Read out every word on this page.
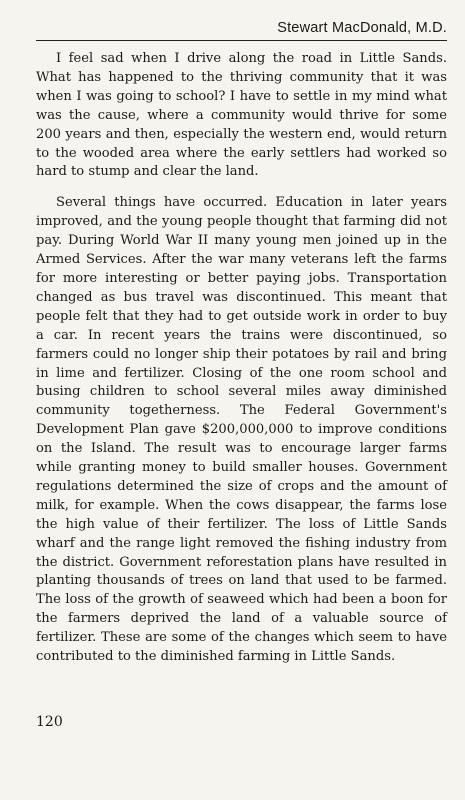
Stewart MacDonald, M.D.

I feel sad when I drive along the road in Little Sands. What has happened to the thriving community that it was when I was going to school? I have to settle in my mind what was the cause, where a community would thrive for some 200 years and then, especially the western end, would return to the wooded area where the early settlers had worked so hard to stump and clear the land.

Several things have occurred. Education in later years improved, and the young people thought that farming did not pay. During World War II many young men joined up in the Armed Services. After the war many veterans left the farms for more interesting or better paying jobs. Transportation changed as bus travel was discontinued. This meant that people felt that they had to get outside work in order to buy a car. In recent years the trains were discontinued, so farmers could no longer ship their potatoes by rail and bring in lime and fertilizer. Closing of the one room school and busing children to school several miles away diminished community togetherness. The Federal Government's Development Plan gave $200,000,000 to improve conditions on the Island. The result was to encourage larger farms while granting money to build smaller houses. Government regulations determined the size of crops and the amount of milk, for example. When the cows disappear, the farms lose the high value of their fertilizer. The loss of Little Sands wharf and the range light removed the fishing industry from the district. Government reforestation plans have resulted in planting thousands of trees on land that used to be farmed. The loss of the growth of seaweed which had been a boon for the farmers deprived the land of a valuable source of fertilizer. These are some of the changes which seem to have contributed to the diminished farming in Little Sands.

120
